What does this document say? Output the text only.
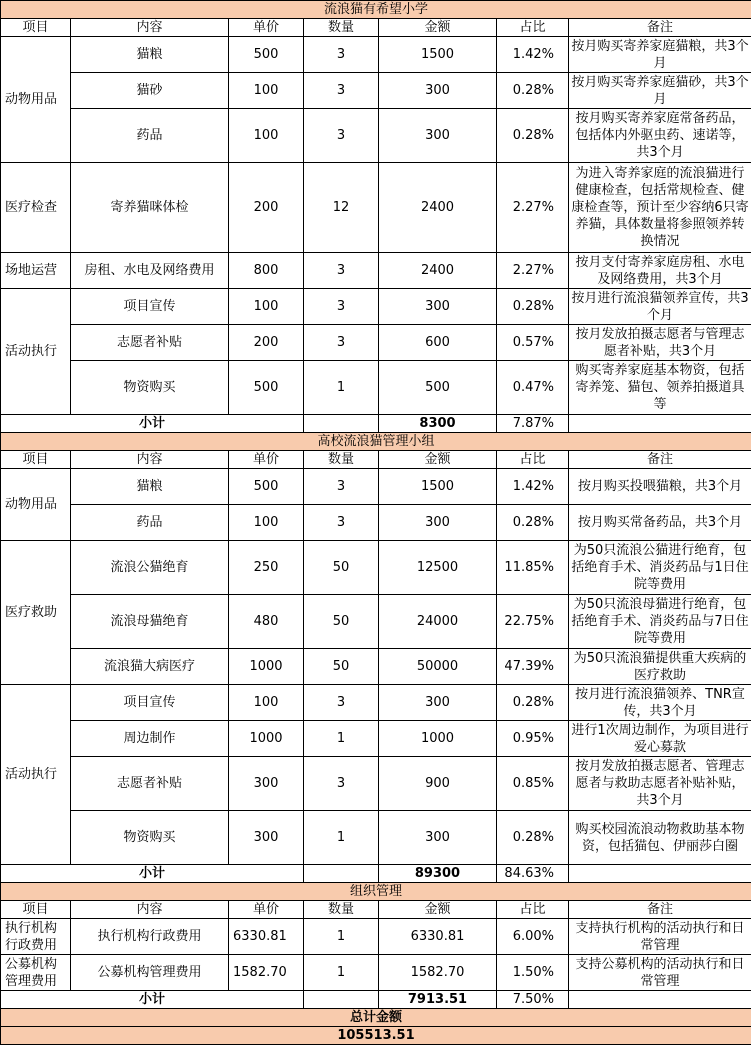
流浪猫有希望小学						
项目	内容	单价	数量	金额	占比	备注
动物用品	猫粮	500	3	1500	1.42%	按月购买寄养家庭猫粮，共3个月
	猫砂	100	3	300	0.28%	按月购买寄养家庭猫砂，共3个月
	药品	100	3	300	0.28%	按月购买寄养家庭常备药品，包括体内外驱虫药、速诺等，共3个月
医疗检查	寄养猫咪体检	200	12	2400	2.27%	为进入寄养家庭的流浪猫进行健康检查，包括常规检查、健康检查等，预计至少容纳6只寄养猫，具体数量将参照领养转换情况
场地运营	房租、水电及网络费用	800	3	2400	2.27%	按月支付寄养家庭房租、水电及网络费用，共3个月
活动执行	项目宣传	100	3	300	0.28%	按月进行流浪猫领养宣传，共3个月
	志愿者补贴	200	3	600	0.57%	按月发放拍摄志愿者与管理志愿者补贴，共3个月
	物资购买	500	1	500	0.47%	购买寄养家庭基本物资，包括寄养笼、猫包、领养拍摄道具等
小计				8300	7.87%	
高校流浪猫管理小组						
项目	内容	单价	数量	金额	占比	备注
动物用品	猫粮	500	3	1500	1.42%	按月购买投喂猫粮，共3个月
	药品	100	3	300	0.28%	按月购买常备药品，共3个月
医疗救助	流浪公猫绝育	250	50	12500	11.85%	为50只流浪公猫进行绝育，包括绝育手术、消炎药品与1日住院等费用
	流浪母猫绝育	480	50	24000	22.75%	为50只流浪母猫进行绝育，包括绝育手术、消炎药品与7日住院等费用
	流浪猫大病医疗	1000	50	50000	47.39%	为50只流浪猫提供重大疾病的医疗救助
活动执行	项目宣传	100	3	300	0.28%	按月进行流浪猫领养、TNR宣传，共3个月
	周边制作	1000	1	1000	0.95%	进行1次周边制作，为项目进行爱心募款
	志愿者补贴	300	3	900	0.85%	按月发放拍摄志愿者、管理志愿者与救助志愿者补贴补贴，共3个月
	物资购买	300	1	300	0.28%	购买校园流浪动物救助基本物资，包括猫包、伊丽莎白圈
小计				89300	84.63%	
组织管理						
项目	内容	单价	数量	金额	占比	备注
执行机构行政费用	执行机构行政费用	6330.81	1	6330.81	6.00%	支持执行机构的活动执行和日常管理
公募机构管理费用	公募机构管理费用	1582.70	1	1582.70	1.50%	支持公募机构的活动执行和日常管理
小计				7913.51	7.50%	
总计金额						
105513.51						
